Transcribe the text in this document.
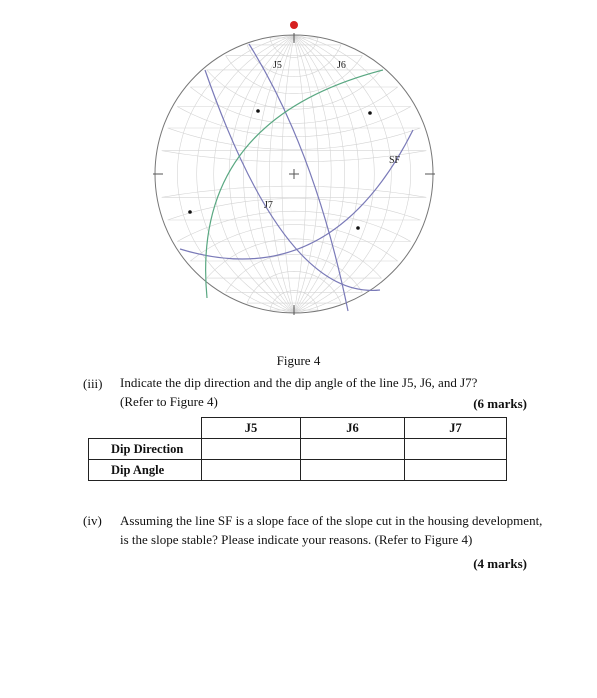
J5	J6
SF
J7
Figure 4
(iii) Indicate the dip direction and the dip angle of the line J5, J6, and J7?
(Refer to Figure 4)	(6 marks)
	J5	J6	J7
Dip Direction			
Dip Angle			
(iv) Assuming the line SF is a slope face of the slope cut in the housing development,
is the slope stable? Please indicate your reasons. (Refer to Figure 4)
(4 marks)
